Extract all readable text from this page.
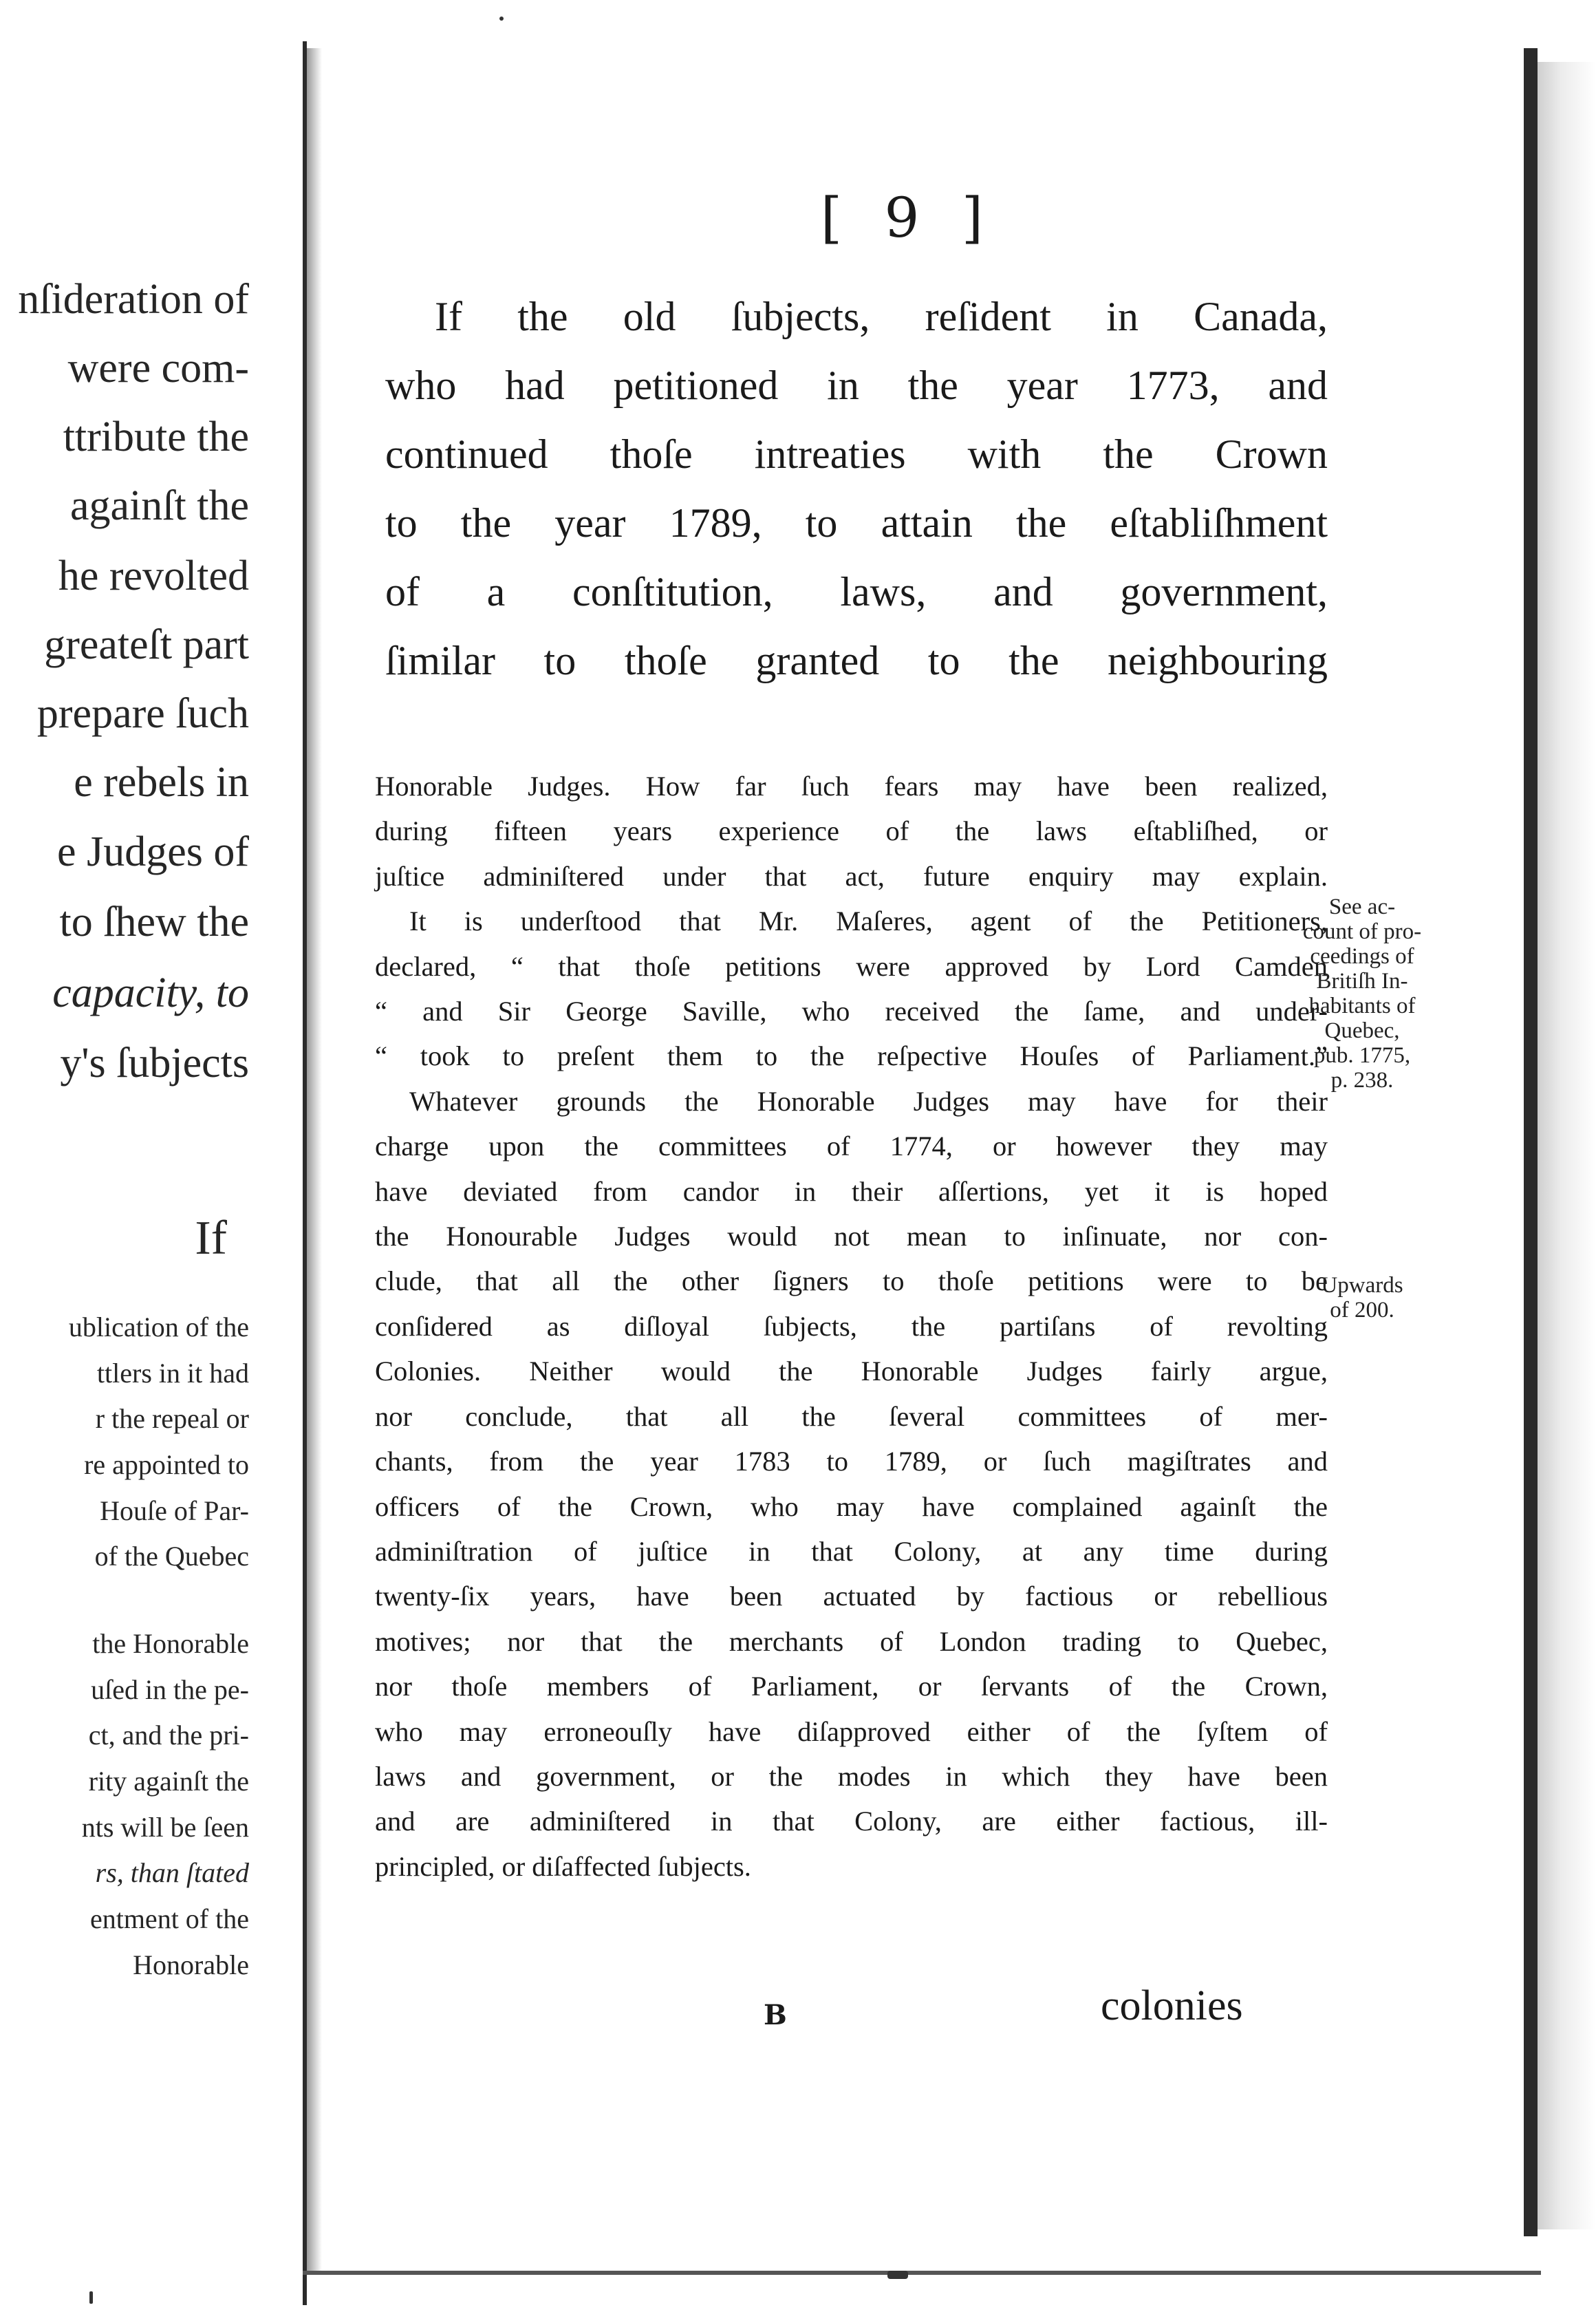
nſideration of
were com-
ttribute the
againſt the
he revolted
greateſt part
prepare ſuch
e rebels in
e Judges of
to ſhew the
capacity, to
y's ſubjects
If
ublication of the
ttlers in it had
r the repeal or
re appointed to
Houſe of Par-
of the Quebec
the Honorable
uſed in the pe-
ct, and the pri-
rity againſt the
nts will be ſeen
rs, than ſtated
entment of the
Honorable
[ 9 ]
If the old ſubjects, reſident in Canada,
who had petitioned in the year 1773, and
continued thoſe intreaties with the Crown
to the year 1789, to attain the eſtabliſhment
of a conſtitution, laws, and government,
ſimilar to thoſe granted to the neighbouring
Honorable Judges. How far ſuch fears may have been realized,
during fifteen years experience of the laws eſtabliſhed, or
juſtice adminiſtered under that act, future enquiry may explain.
It is underſtood that Mr. Maſeres, agent of the Petitioners,
declared, “ that thoſe petitions were approved by Lord Camden
“ and Sir George Saville, who received the ſame, and under-
“ took to preſent them to the reſpective Houſes of Parliament.”
Whatever grounds the Honorable Judges may have for their
charge upon the committees of 1774, or however they may
have deviated from candor in their aſſertions, yet it is hoped
the Honourable Judges would not mean to inſinuate, nor con-
clude, that all the other ſigners to thoſe petitions were to be
conſidered as diſloyal ſubjects, the partiſans of revolting
Colonies. Neither would the Honorable Judges fairly argue,
nor conclude, that all the ſeveral committees of mer-
chants, from the year 1783 to 1789, or ſuch magiſtrates and
officers of the Crown, who may have complained againſt the
adminiſtration of juſtice in that Colony, at any time during
twenty-ſix years, have been actuated by factious or rebellious
motives; nor that the merchants of London trading to Quebec,
nor thoſe members of Parliament, or ſervants of the Crown,
who may erroneouſly have diſapproved either of the ſyſtem of
laws and government, or the modes in which they have been
and are adminiſtered in that Colony, are either factious, ill-
principled, or diſaffected ſubjects.
See ac-
count of pro-
ceedings of
Britiſh In-
habitants of
Quebec,
pub. 1775,
p. 238.
Upwards
of 200.
B	colonies
